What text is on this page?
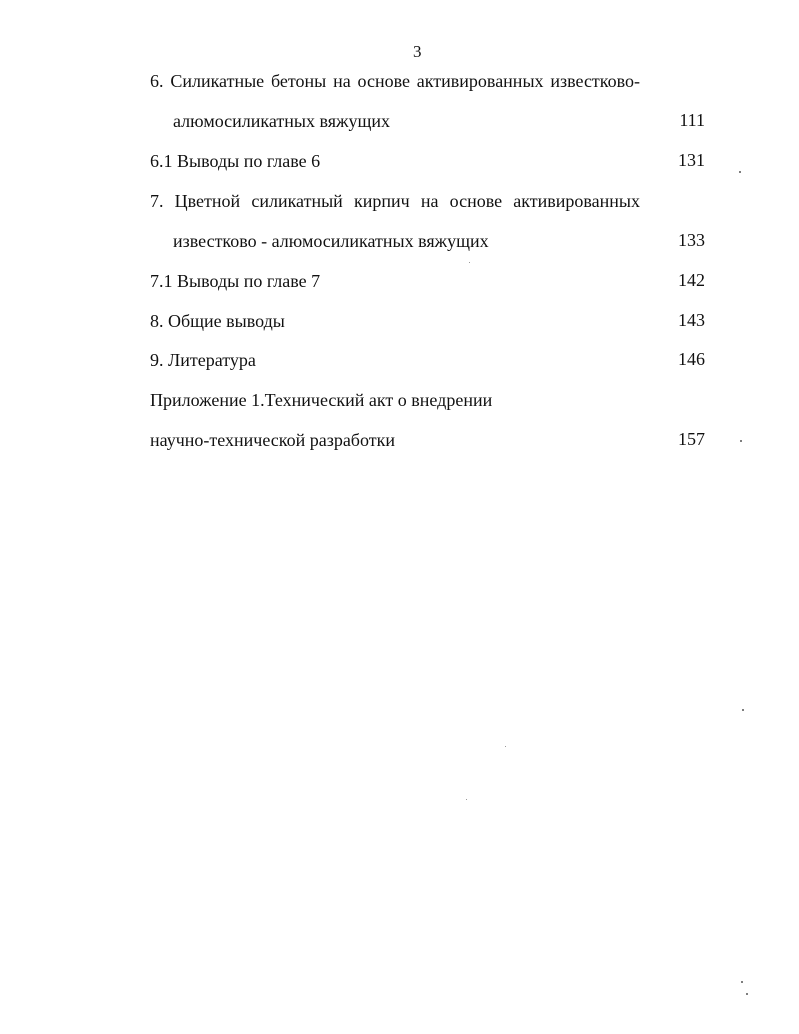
3
6. Силикатные бетоны на основе активированных известково-
алюмосиликатных вяжущих	111
6.1 Выводы по главе 6	131
7. Цветной силикатный кирпич на основе активированных
известково - алюмосиликатных вяжущих	133
7.1 Выводы по главе 7	142
8. Общие выводы	143
9. Литература	146
Приложение 1.Технический акт о внедрении
научно-технической разработки	157
